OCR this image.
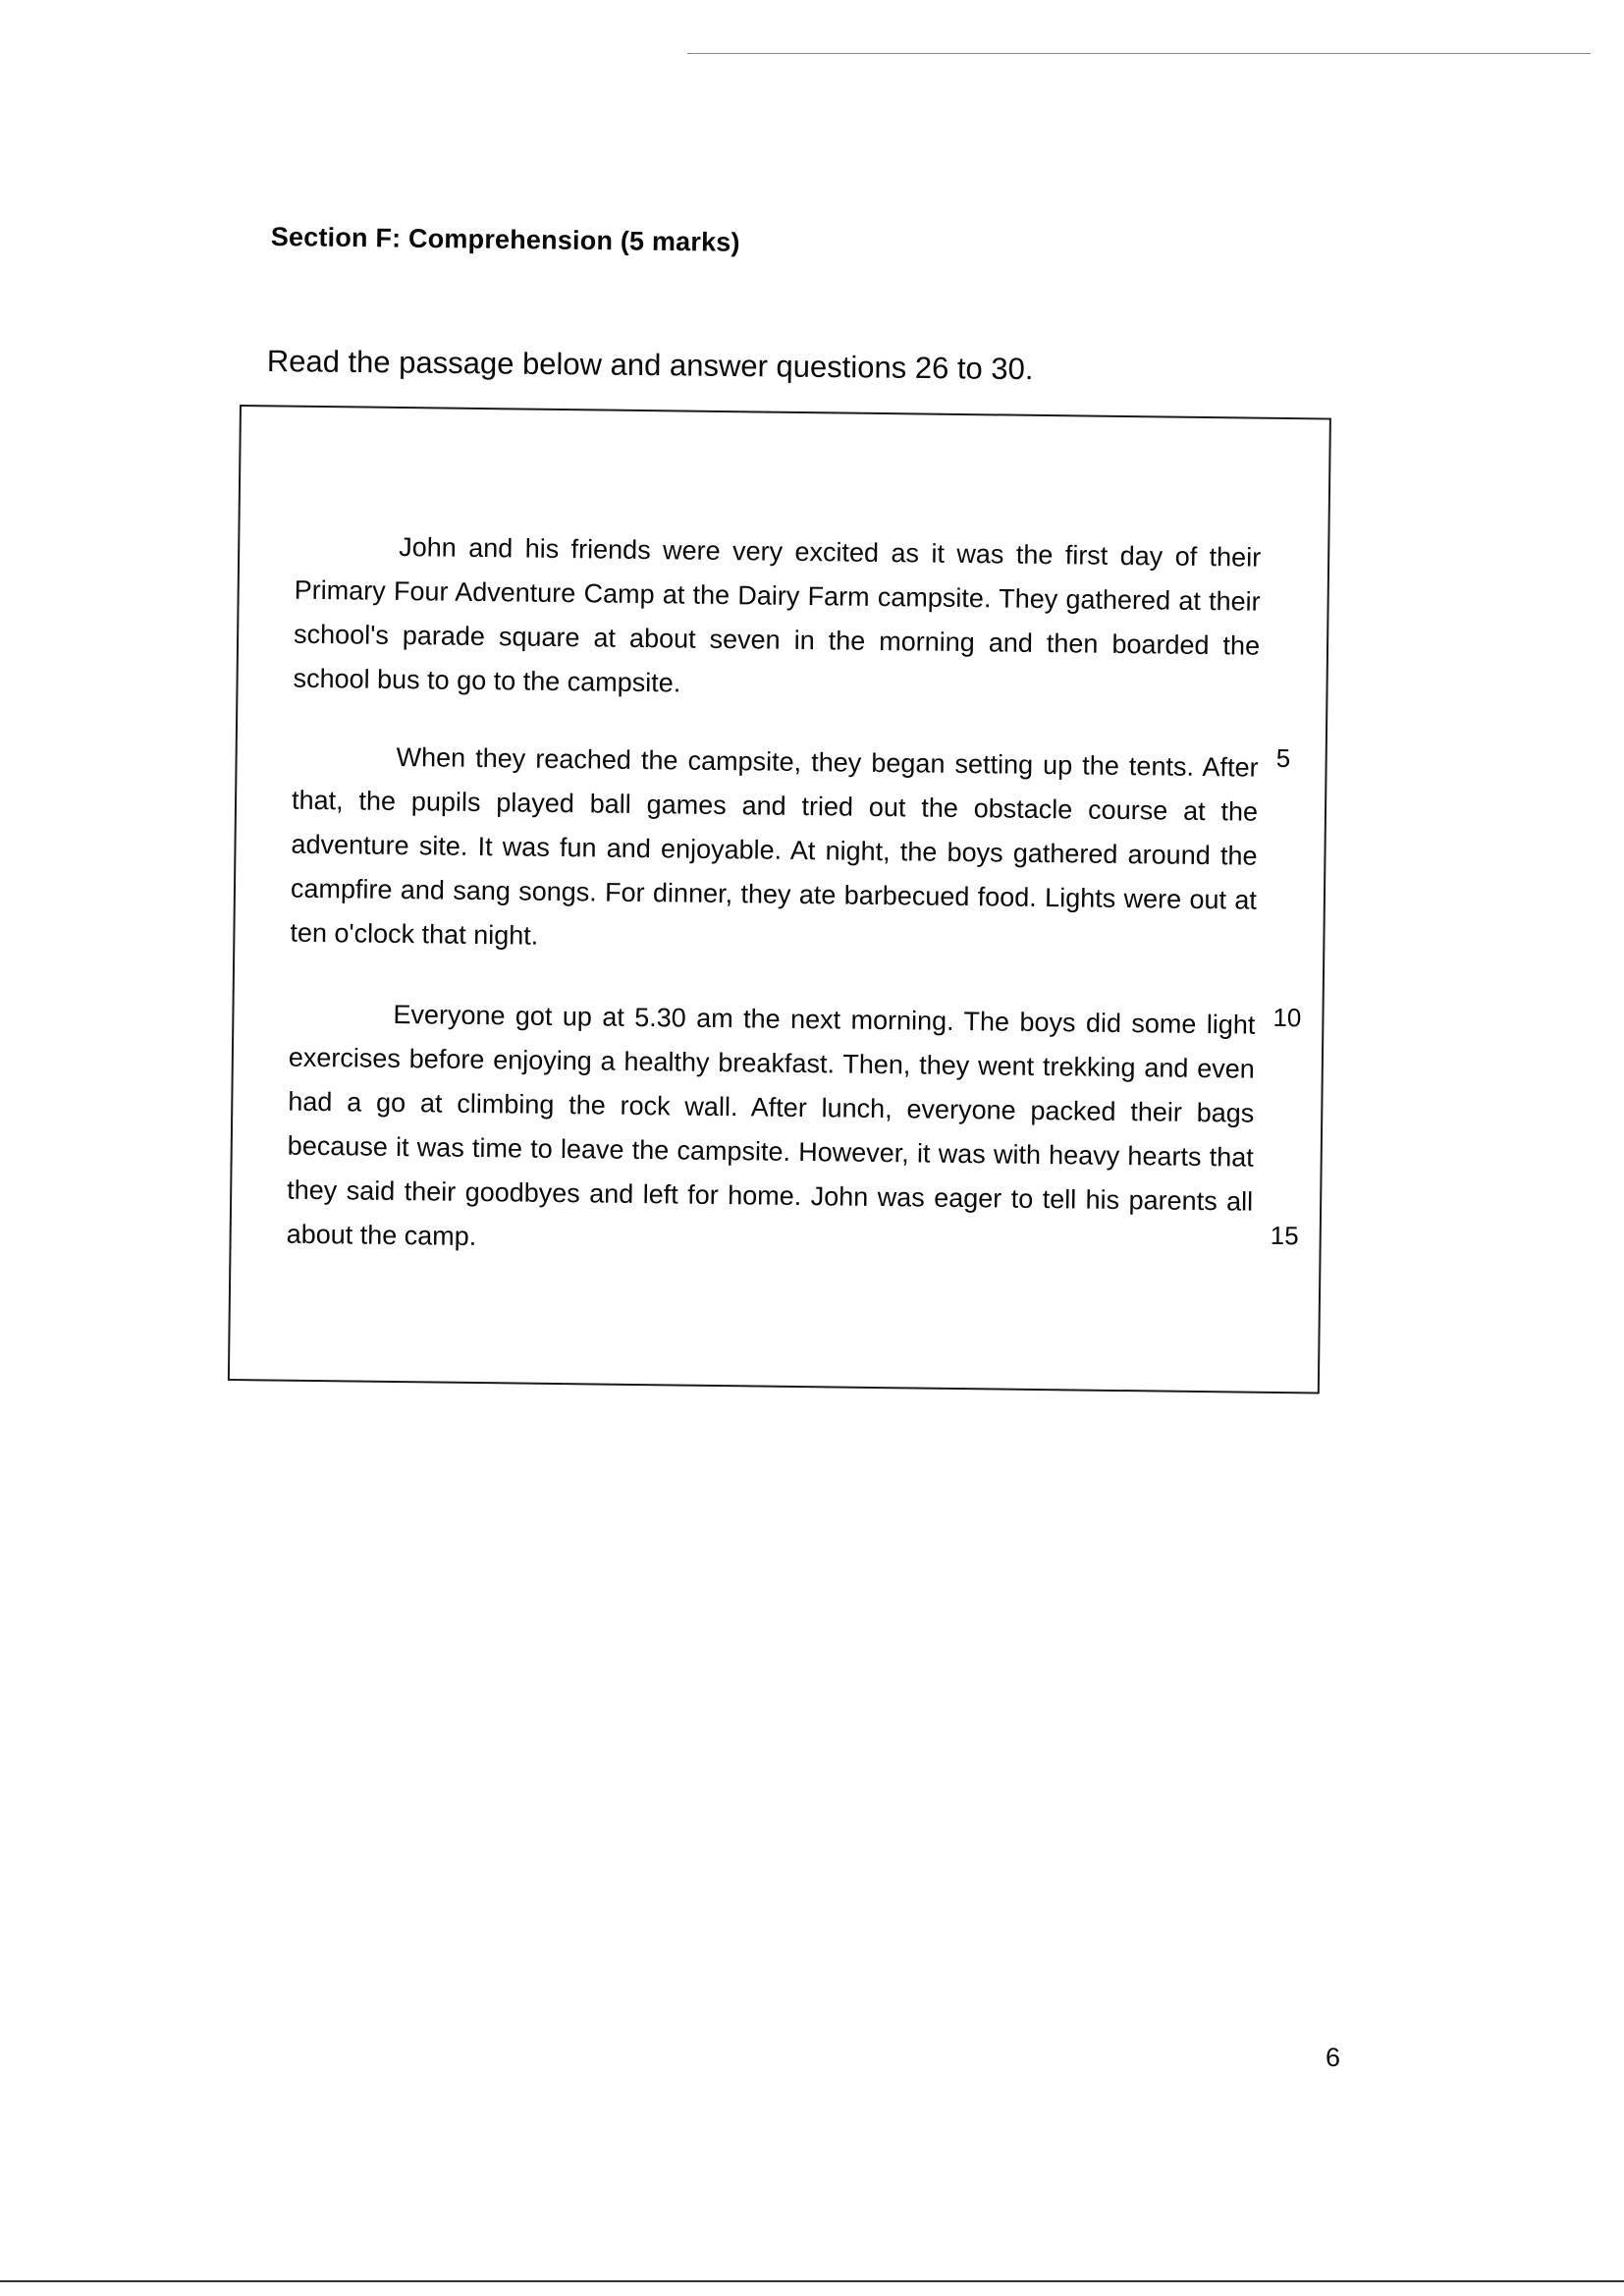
Section F: Comprehension (5 marks)
Read the passage below and answer questions 26 to 30.

John and his friends were very excited as it was the first day of their Primary Four Adventure Camp at the Dairy Farm campsite. They gathered at their school's parade square at about seven in the morning and then boarded the school bus to go to the campsite.

When they reached the campsite, they began setting up the tents. After that, the pupils played ball games and tried out the obstacle course at the adventure site. It was fun and enjoyable. At night, the boys gathered around the campfire and sang songs. For dinner, they ate barbecued food. Lights were out at ten o'clock that night.

Everyone got up at 5.30 am the next morning. The boys did some light exercises before enjoying a healthy breakfast. Then, they went trekking and even had a go at climbing the rock wall. After lunch, everyone packed their bags because it was time to leave the campsite. However, it was with heavy hearts that they said their goodbyes and left for home. John was eager to tell his parents all about the camp.

5
10
15
6
